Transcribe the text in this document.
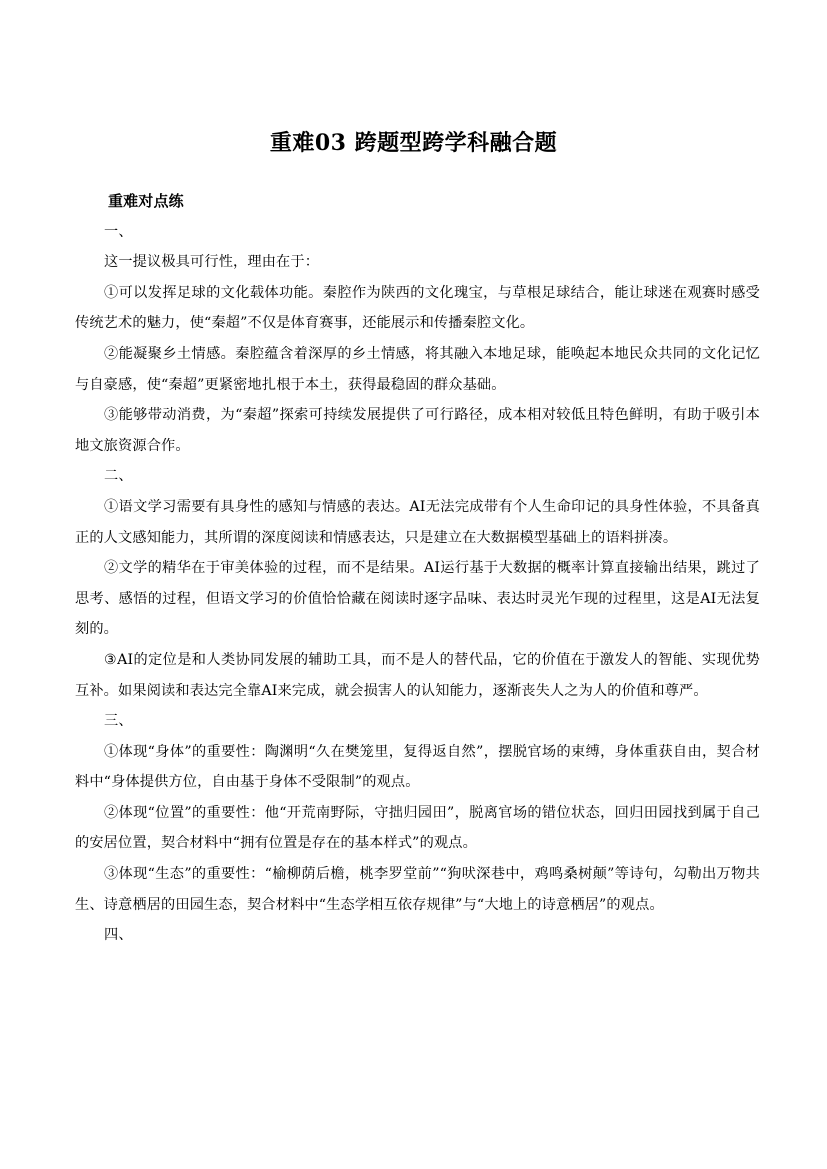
重难03 跨题型跨学科融合题

重难对点练

一、

这一提议极具可行性，理由在于：

①可以发挥足球的文化载体功能。秦腔作为陕西的文化瑰宝，与草根足球结合，能让球迷在观赛时感受传统艺术的魅力，使“秦超”不仅是体育赛事，还能展示和传播秦腔文化。

②能凝聚乡土情感。秦腔蕴含着深厚的乡土情感，将其融入本地足球，能唤起本地民众共同的文化记忆与自豪感，使“秦超”更紧密地扎根于本土，获得最稳固的群众基础。

③能够带动消费，为“秦超”探索可持续发展提供了可行路径，成本相对较低且特色鲜明，有助于吸引本地文旅资源合作。

二、

①语文学习需要有具身性的感知与情感的表达。AI无法完成带有个人生命印记的具身性体验，不具备真正的人文感知能力，其所谓的深度阅读和情感表达，只是建立在大数据模型基础上的语料拼凑。

②文学的精华在于审美体验的过程，而不是结果。AI运行基于大数据的概率计算直接输出结果，跳过了思考、感悟的过程，但语文学习的价值恰恰藏在阅读时逐字品味、表达时灵光乍现的过程里，这是AI无法复刻的。

③AI的定位是和人类协同发展的辅助工具，而不是人的替代品，它的价值在于激发人的智能、实现优势互补。如果阅读和表达完全靠AI来完成，就会损害人的认知能力，逐渐丧失人之为人的价值和尊严。

三、

①体现“身体”的重要性：陶渊明“久在樊笼里，复得返自然”，摆脱官场的束缚，身体重获自由，契合材料中“身体提供方位，自由基于身体不受限制”的观点。

②体现“位置”的重要性：他“开荒南野际，守拙归园田”，脱离官场的错位状态，回归田园找到属于自己的安居位置，契合材料中“拥有位置是存在的基本样式”的观点。

③体现“生态”的重要性：“榆柳荫后檐，桃李罗堂前”“狗吠深巷中，鸡鸣桑树颠”等诗句，勾勒出万物共生、诗意栖居的田园生态，契合材料中“生态学相互依存规律”与“大地上的诗意栖居”的观点。

四、
